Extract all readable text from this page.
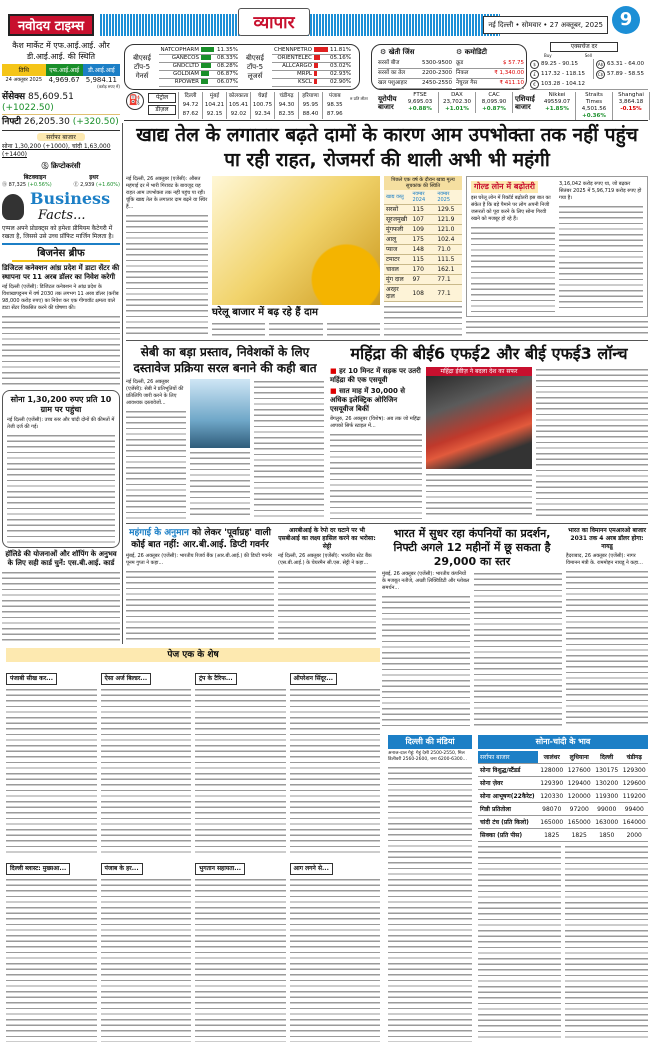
नवोदय टाइम्स	व्यापार	नई दिल्ली • सोमवार • 27 अक्तूबर, 2025 9
कैश मार्केट में एफ.आई.आई. और डी.आई.आई. की स्थिति
तिथि	एफ.आई.आई	डी.आई.आई
24 अक्तूबर 2025	4,969.67	5,984.11
(करोड़ रुपए में)
सेंसेक्स 85,609.51 (+1022.50)
निफ्टी 26,205.30 (+320.50)
सर्राफा बाजार
सोना 1,30,200 (+1000), चांदी 1,63,000 (+1400)
Ⓢ क्रिप्टोकरंसी
बिटक्वाइन	इथर
Ⓑ 87,325 (+0.56%)	Ⓔ 2,939 (+1.60%)
Business
Facts...
एप्पल अपने प्रोडक्ट्स को हमेशा प्रीमियम कैटेगरी में रखता है, जिससे उसे उच्च प्रॉफिट मार्जिन मिलता है।
बिजनेस ब्रीफ
डिजिटल कनेक्शन आंध्र प्रदेश में डाटा सेंटर की स्थापना पर 11 अरब डॉलर का निवेश करेगी
नई दिल्ली (एजेंसी): डिजिटल कनेक्शन ने आंध्र प्रदेश के विशाखापट्टनम में वर्ष 2030 तक लगभग 11 अरब डॉलर (करीब 98,000 करोड़ रुपए) का निवेश कर एक गीगावॉट क्षमता वाले डाटा सेंटर विकसित करने की घोषणा की।
सोना 1,30,200 रुपए प्रति 10 ग्राम पर पहुंचा
नई दिल्ली (एजेंसी): उच्च स्तर और चांदी दोनों की कीमतों में तेजी दर्ज की गई।
हॉलिडे की योजनाओं और शॉपिंग के अनुभव के लिए सही कार्ड चुनें: एस.बी.आई. कार्ड
बीएसई टॉप-5 गेनर्स
NATCOPHARM	11.35%
GANECOS	08.33%
GNDCLTD	08.28%
GOLDIAM	06.87%
RPOWER	06.07%
बीएसई टॉप-5 लूजर्स
CHENNPETRO	11.81%
ORIENTELEC	05.16%
ALLCARGO	03.02%
MRPL	02.93%
KSCL	02.90%
⚙ खेती जिंस	⚙ कमोडिटी
सरसों बीज	5300-9500
सरसों का तेल	2200-2300
खल पशुआहार	2450-2550
क्रूड	$ 57.75
निकल	₹ 1,340.00
नेचुरल गैस	₹ 411.10
एक्सचेंज दर
Buy	Sell
$ 89.25 - 90.15
£ 117.32 - 118.15
€ 103.28 - 104.12
A$ 63.31 - 64.00
C$ 57.89 - 58.55
⛽	पेट्रोल
डीज़ल
दिल्ली	मुंबई	कोलकाता	चेन्नई	चंडीगढ़	हरियाणा	पंजाब
94.72	104.21	105.41	100.75	94.30	95.95	98.35
87.62	92.15	92.02	92.34	82.35	88.40	87.96
रु प्रति लीटर	यूरोपीय बाजार
FTSE
9,695.03
+0.88%
DAX
23,702.30
+1.01%
CAC
8,095.90
+0.87%
एशियाई बाजार
Nikkei
49559.07
+1.85%
Straits Times
4,501.56
+0.36%
Shanghai
3,864.18
-0.15%
खाद्य तेल के लगातार बढ़ते दामों के कारण आम उपभोक्ता तक नहीं पहुंच पा रही राहत, रोजमर्रा की थाली अभी भी महंगी
नई दिल्ली, 26 अक्तूबर (एजेंसी): औसत महंगाई दर में भारी गिरावट के बावजूद यह राहत आम उपभोक्ता तक नहीं पहुंच पा रही। चूंकि खाद्य तेल के लगातार दाम बढ़ने या स्थिर हैं...
घरेलू बाजार में बढ़ रहे हैं दाम
पिछले एक वर्ष के दौरान खाद्य मूल्य सूचकांक की स्थिति
खाद्य वस्तु	नवम्बर 2024	नवम्बर 2025
सरसों	115	129.5
सूरजमुखी	107	121.9
मूंगफली	109	121.0
आलू	175	102.4
प्याज	148	71.0
टमाटर	115	111.5
चावल	170	162.1
मूंग दाल	97	77.1
अरहर दाल	108	77.1
गोल्ड लोन में बढ़ोतरी
इस घरेलू लोन में रिकॉर्ड बढ़ोतरी इस बात का संकेत है कि बड़े पैमाने पर लोग अपनी निजी जरूरतों को पूरा करने के लिए सोना गिरवी रखने को मजबूर हो रहे हैं।
3,16,042 करोड़ रुपए था, जो बढ़कर सितंबर 2025 में 5,96,719 करोड़ रुपए हो गया है।
सेबी का बड़ा प्रस्ताव, निवेशकों के लिए दस्तावेज प्रक्रिया सरल बनाने की कही बात
नई दिल्ली, 26 अक्तूबर (एजेंसी): सेबी ने प्रतिभूतियों की प्रतिलिपि जारी करने के लिए आवश्यक दस्तावेजों...
महिंद्रा की बीई6 एफई2 और बीई एफई3 लॉन्च
■ हर 10 मिनट में सड़क पर उतरी महिंद्रा की एक एसयूवी
■ सात माह में 30,000 से अधिक इलेक्ट्रिक ओरिजिन एसयूवीज बिकीं
बेंगलुरु, 26 अक्तूबर (विशेष): अब तक जो महिंद्रा आपको सिर्फ स्टाइल में...
महिंद्रा ईवीज़ ने बदला देश का सफर
महंगाई के अनुमान को लेकर 'पूर्वाग्रह' वाली कोई बात नहीं: आर.बी.आई. डिप्टी गवर्नर
मुंबई, 26 अक्तूबर (एजेंसी): भारतीय रिजर्व बैंक (आर.बी.आई.) की डिप्टी गवर्नर पूनम गुप्ता ने कहा...
आरबीआई के रेपो दर घटाने पर भी एसबीआई का लक्ष्य हासिल करने का भरोसा: सेट्टी
नई दिल्ली, 26 अक्तूबर (एजेंसी): भारतीय स्टेट बैंक (एस.बी.आई.) के चेयरमैन सी.एस. सेट्टी ने कहा...
भारत में सुधर रहा कंपनियों का प्रदर्शन, निफ्टी अगले 12 महीनों में छू सकता है 29,000 का स्तर
मुंबई, 26 अक्तूबर (एजेंसी): भारतीय कंपनियों के मजबूत नतीजे, अच्छी लिक्विडिटी और ग्लोबल समर्थन...
भारत का विमानन एमआरओ बाजार 2031 तक 4 अरब डॉलर होगा: नायडू
हैदराबाद, 26 अक्तूबर (एजेंसी): नागर विमानन मंत्री के. राममोहन नायडू ने कहा...
पेज एक के शेष
पंजाबी सीख कर...
दिल्ली ब्लास्ट: मुख्यआ...
ऐसा अर्ज बिल्डर...
पंजाब के हर...
ट्रंप के टैरिफ...
भुगतान सहायता...
ऑपरेशन सिंदूर...
आग लगने से...
दिल्ली की मंडियां
अनाज-दाल गेहूं: गेहूं देसी 2500-2550, मिल डिलीवरी 2560-2600, चना 6200-6300...
सोना-चांदी के भाव
सर्राफा बाजार	जालंधर	लुधियाना	दिल्ली	चंडीगढ़
सोना विशुद्ध/स्टैंडर्ड	128000	127600	130175	129300
सोना ज़ेवर	129390	129400	130200	129600
सोना आभूषण(22कैरेट)	120330	120000	119300	119200
गिन्नी प्रतितोला	98070	97200	99000	99400
चांदी टंच (प्रति किलो)	165000	165000	163000	164000
सिक्का (प्रति पीस)	1825	1825	1850	2000
